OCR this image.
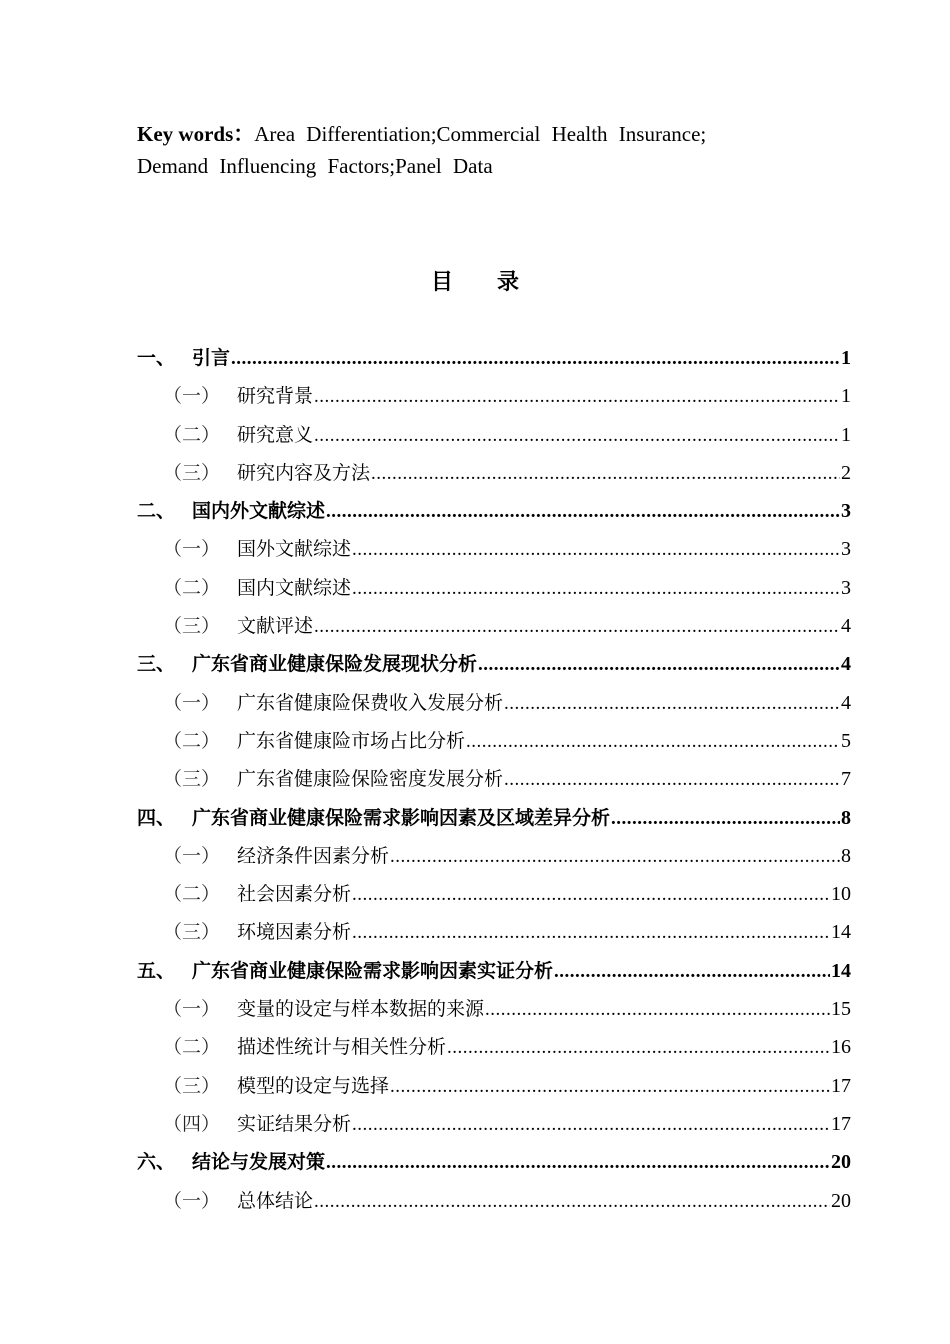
Key words：Area Differentiation;Commercial Health Insurance;
Demand Influencing Factors;Panel Data
目 录
一、 引言 .....	1
（一） 研究背景 .....	1
（二） 研究意义 .....	1
（三） 研究内容及方法 .....	2
二、 国内外文献综述 .....	3
（一） 国外文献综述 .....	3
（二） 国内文献综述 .....	3
（三） 文献评述 .....	4
三、 广东省商业健康保险发展现状分析 .....	4
（一） 广东省健康险保费收入发展分析 .....	4
（二） 广东省健康险市场占比分析 .....	5
（三） 广东省健康险保险密度发展分析 .....	7
四、 广东省商业健康保险需求影响因素及区域差异分析 .....	8
（一） 经济条件因素分析 .....	8
（二） 社会因素分析 .....	10
（三） 环境因素分析 .....	14
五、 广东省商业健康保险需求影响因素实证分析 .....	14
（一） 变量的设定与样本数据的来源 .....	15
（二） 描述性统计与相关性分析 .....	16
（三） 模型的设定与选择 .....	17
（四） 实证结果分析 .....	17
六、 结论与发展对策 .....	20
（一） 总体结论 .....	20
